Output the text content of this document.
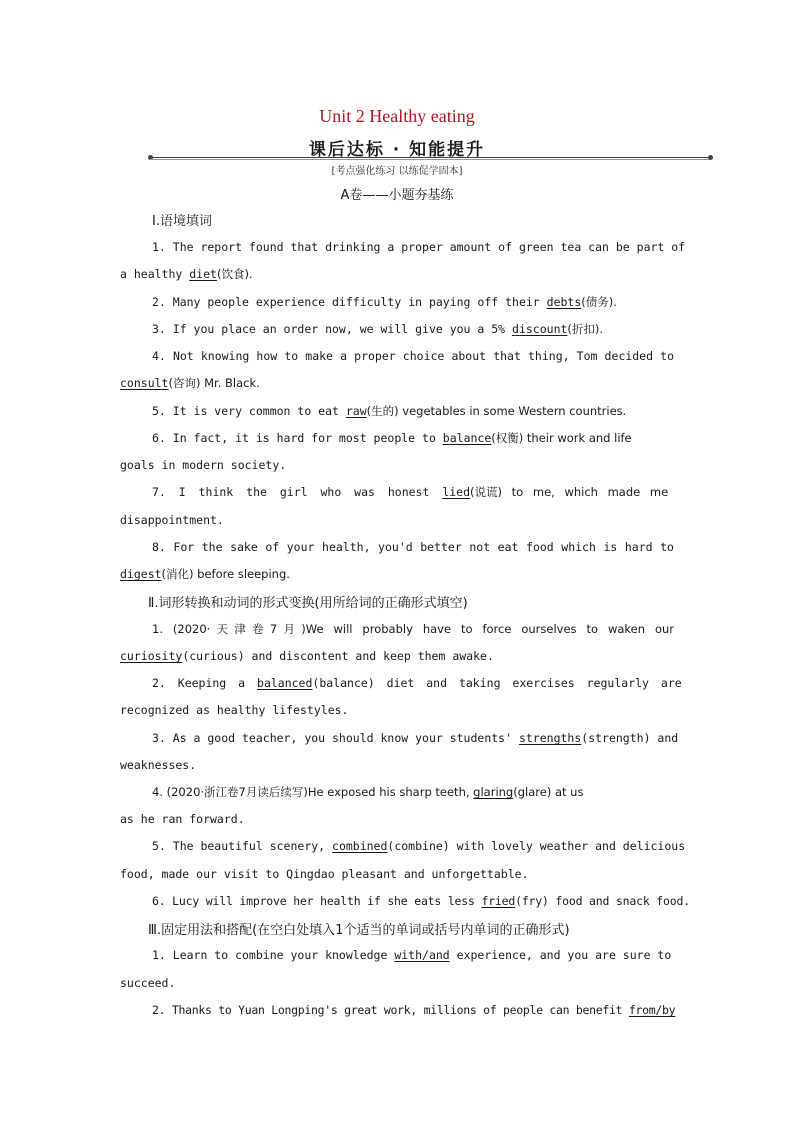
Unit 2 Healthy eating
课后达标 · 知能提升
[考点强化练习 以练促学固本]
A卷——小题夯基练
Ⅰ.语境填词
1. The report found that drinking a proper amount of green tea can be part of
a healthy diet(饮食).
2. Many people experience difficulty in paying off their debts(债务).
3. If you place an order now, we will give you a 5% discount(折扣).
4. Not knowing how to make a proper choice about that thing, Tom decided to
consult(咨询) Mr. Black.
5. It is very common to eat raw(生的) vegetables in some Western countries.
6. In fact, it is hard for most people to balance(权衡) their work and life
goals in modern society.
7. I think the girl who was honest lied(说谎) to me, which made me
disappointment.
8. For the sake of your health, you'd better not eat food which is hard to
digest(消化) before sleeping.
Ⅱ.词形转换和动词的形式变换(用所给词的正确形式填空)
1. (2020·天津卷7月)We will probably have to force ourselves to waken our
curiosity(curious) and discontent and keep them awake.
2. Keeping a balanced(balance) diet and taking exercises regularly are
recognized as healthy lifestyles.
3. As a good teacher, you should know your students' strengths(strength) and
weaknesses.
4. (2020·浙江卷7月读后续写)He exposed his sharp teeth, glaring(glare) at us
as he ran forward.
5. The beautiful scenery, combined(combine) with lovely weather and delicious
food, made our visit to Qingdao pleasant and unforgettable.
6. Lucy will improve her health if she eats less fried(fry) food and snack food.
Ⅲ.固定用法和搭配(在空白处填入1个适当的单词或括号内单词的正确形式)
1. Learn to combine your knowledge with/and experience, and you are sure to
succeed.
2. Thanks to Yuan Longping's great work, millions of people can benefit from/by
